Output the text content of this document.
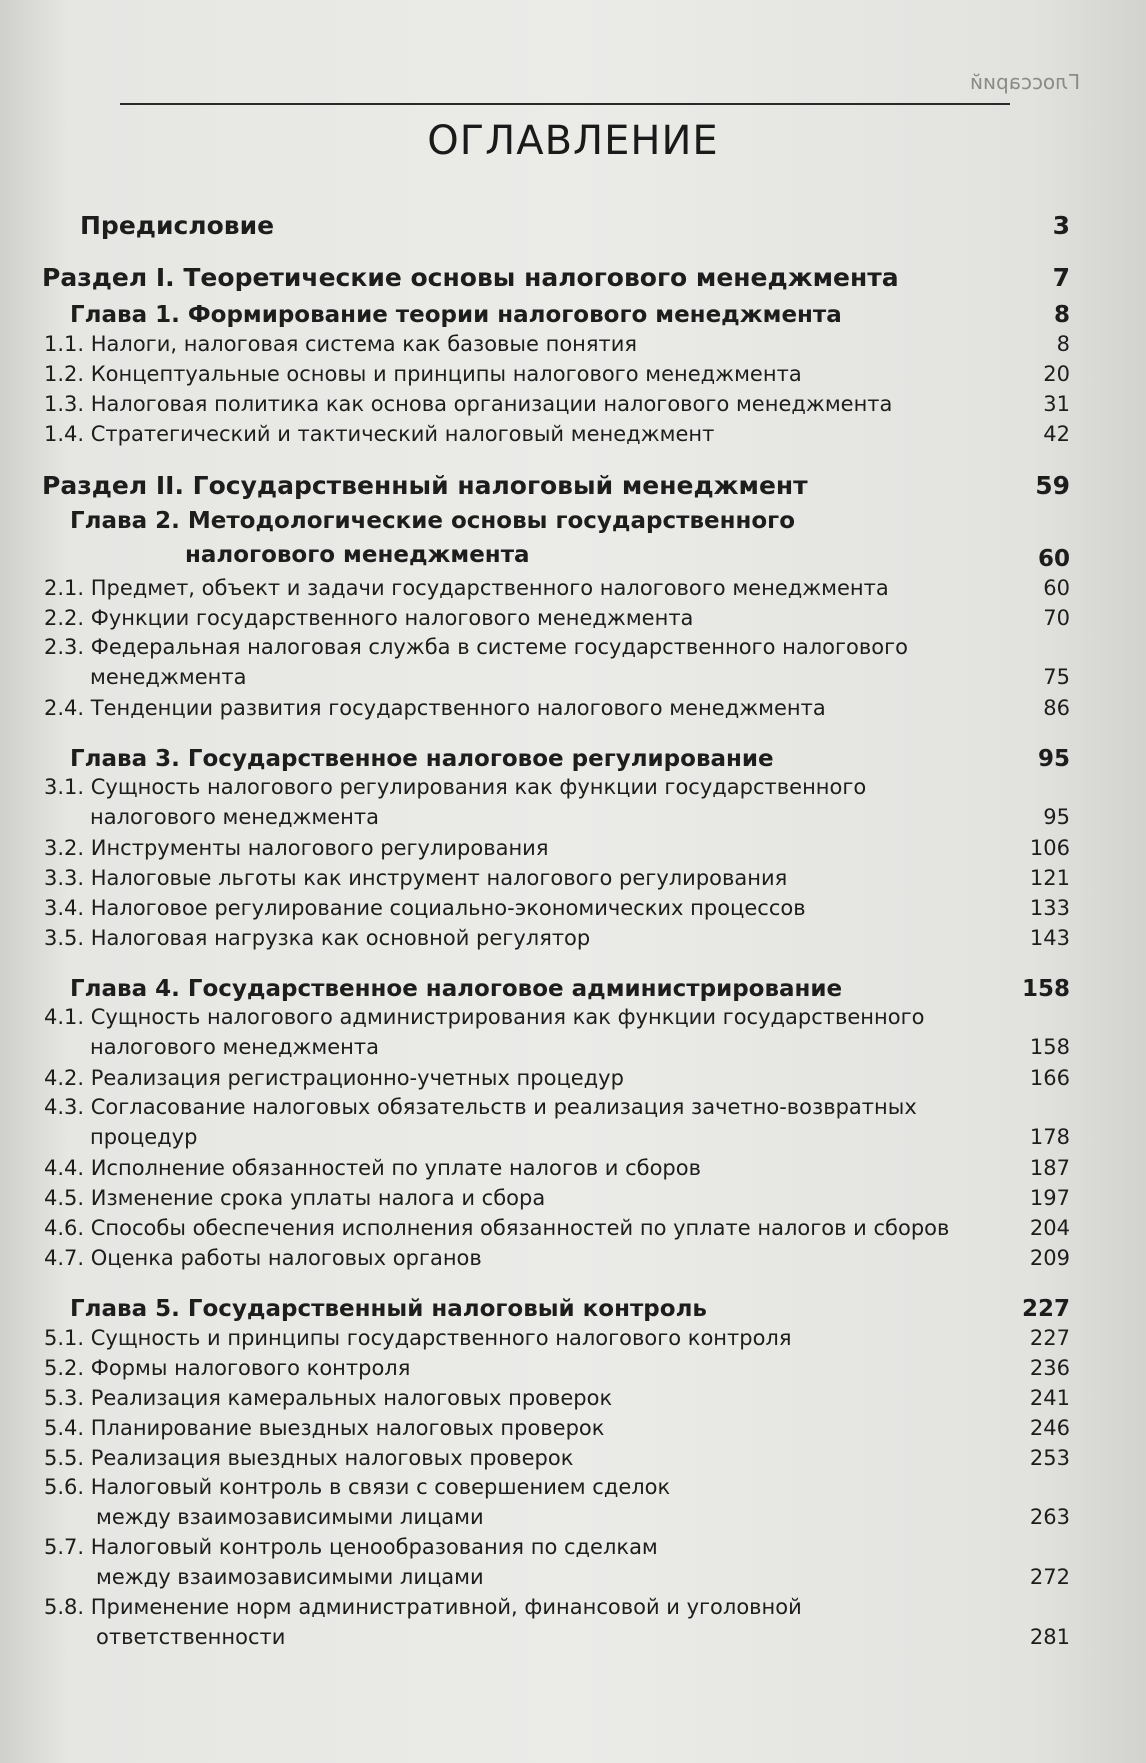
Глоссарий
ОГЛАВЛЕНИЕ
Предисловие	3
Раздел I. Теоретические основы налогового менеджмента	7
Глава 1. Формирование теории налогового менеджмента	8
1.1. Налоги, налоговая система как базовые понятия	8
1.2. Концептуальные основы и принципы налогового менеджмента	20
1.3. Налоговая политика как основа организации налогового менеджмента	31
1.4. Стратегический и тактический налоговый менеджмент	42
Раздел II. Государственный налоговый менеджмент	59
Глава 2. Методологические основы государственного
налогового менеджмента	60
2.1. Предмет, объект и задачи государственного налогового менеджмента	60
2.2. Функции государственного налогового менеджмента	70
2.3. Федеральная налоговая служба в системе государственного налогового
менеджмента	75
2.4. Тенденции развития государственного налогового менеджмента	86
Глава 3. Государственное налоговое регулирование	95
3.1. Сущность налогового регулирования как функции государственного
налогового менеджмента	95
3.2. Инструменты налогового регулирования	106
3.3. Налоговые льготы как инструмент налогового регулирования	121
3.4. Налоговое регулирование социально-экономических процессов	133
3.5. Налоговая нагрузка как основной регулятор	143
Глава 4. Государственное налоговое администрирование	158
4.1. Сущность налогового администрирования как функции государственного
налогового менеджмента	158
4.2. Реализация регистрационно-учетных процедур	166
4.3. Согласование налоговых обязательств и реализация зачетно-возвратных
процедур	178
4.4. Исполнение обязанностей по уплате налогов и сборов	187
4.5. Изменение срока уплаты налога и сбора	197
4.6. Способы обеспечения исполнения обязанностей по уплате налогов и сборов	204
4.7. Оценка работы налоговых органов	209
Глава 5. Государственный налоговый контроль	227
5.1. Сущность и принципы государственного налогового контроля	227
5.2. Формы налогового контроля	236
5.3. Реализация камеральных налоговых проверок	241
5.4. Планирование выездных налоговых проверок	246
5.5. Реализация выездных налоговых проверок	253
5.6. Налоговый контроль в связи с совершением сделок
между взаимозависимыми лицами	263
5.7. Налоговый контроль ценообразования по сделкам
между взаимозависимыми лицами	272
5.8. Применение норм административной, финансовой и уголовной
ответственности	281
